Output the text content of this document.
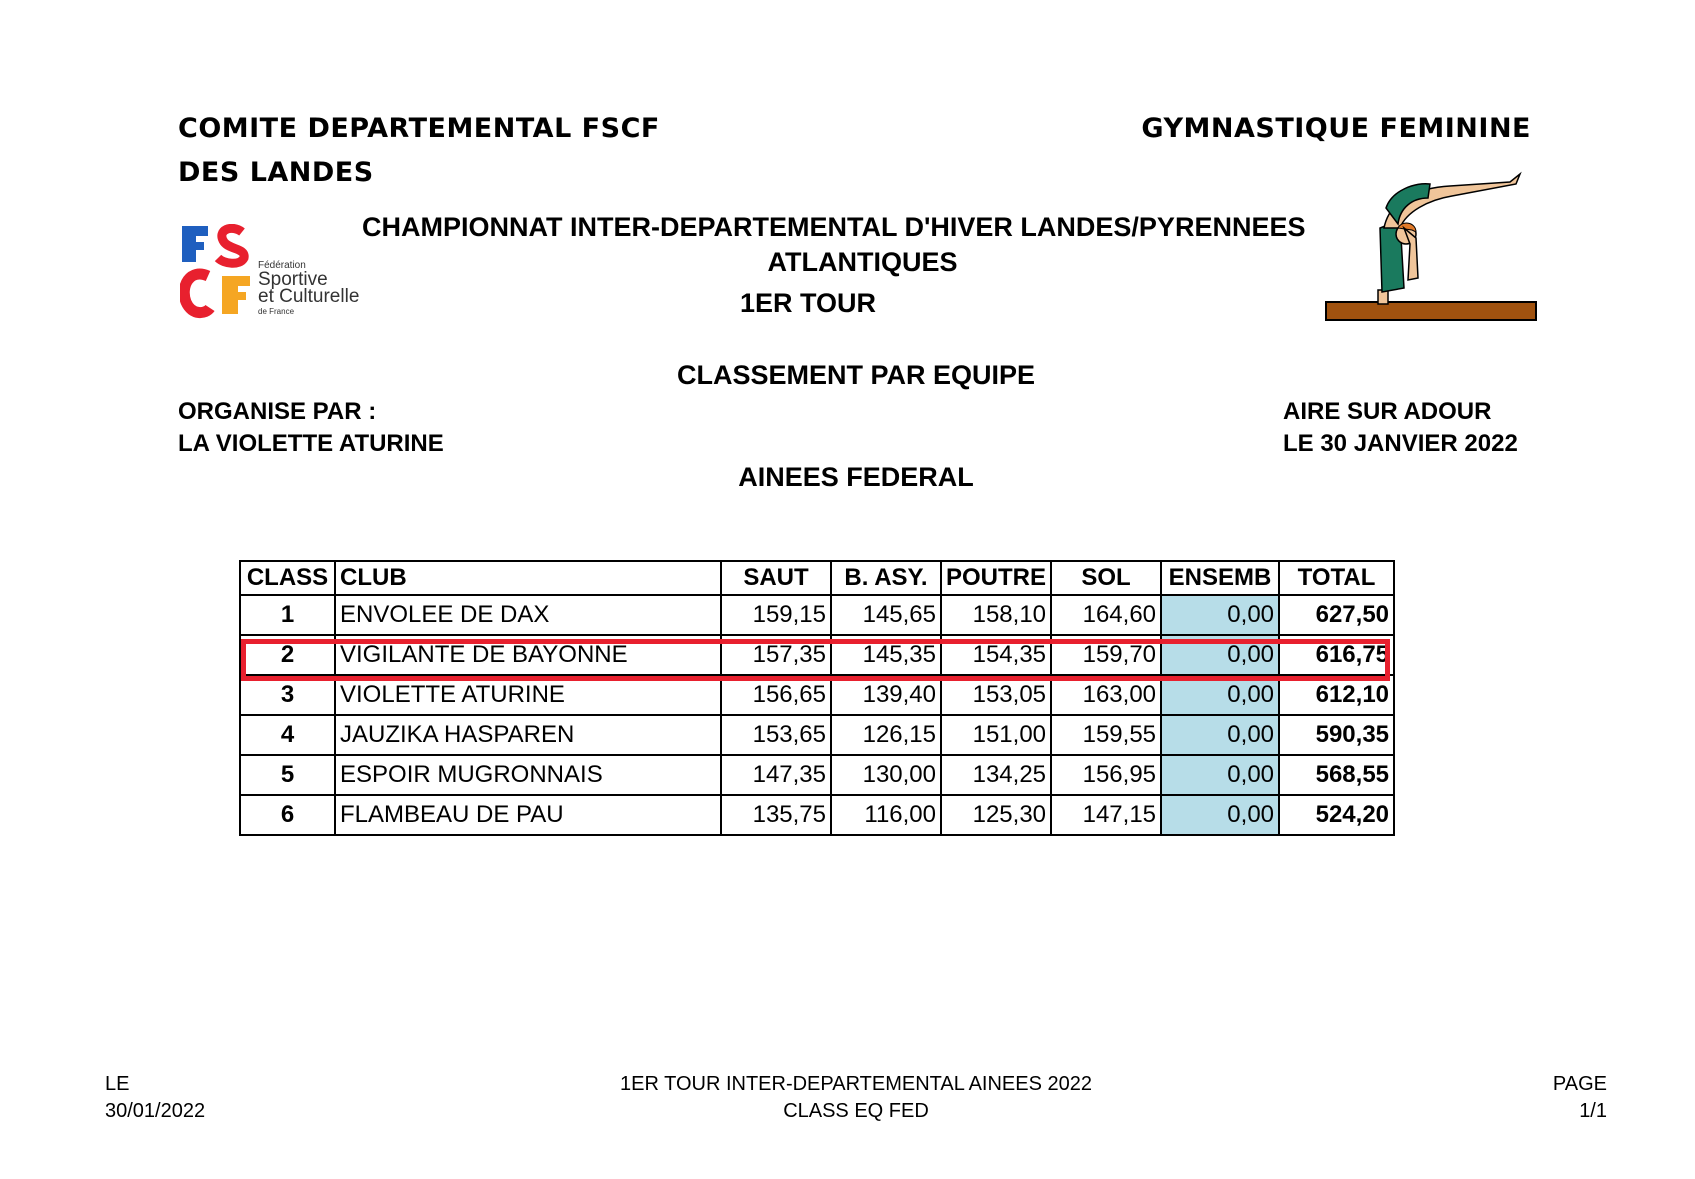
COMITE DEPARTEMENTAL FSCF
DES LANDES
GYMNASTIQUE FEMININE
Fédération
Sportive
et Culturelle
de France
CHAMPIONNAT INTER-DEPARTEMENTAL D'HIVER LANDES/PYRENNEES
ATLANTIQUES
1ER TOUR
CLASSEMENT PAR EQUIPE
ORGANISE PAR :
LA VIOLETTE ATURINE
AIRE SUR ADOUR
LE 30 JANVIER 2022
AINEES FEDERAL
CLASS	CLUB	SAUT	B. ASY.	POUTRE	SOL	ENSEMB	TOTAL
1	ENVOLEE DE DAX	159,15	145,65	158,10	164,60	0,00	627,50
2	VIGILANTE DE BAYONNE	157,35	145,35	154,35	159,70	0,00	616,75
3	VIOLETTE ATURINE	156,65	139,40	153,05	163,00	0,00	612,10
4	JAUZIKA HASPAREN	153,65	126,15	151,00	159,55	0,00	590,35
5	ESPOIR MUGRONNAIS	147,35	130,00	134,25	156,95	0,00	568,55
6	FLAMBEAU DE PAU	135,75	116,00	125,30	147,15	0,00	524,20
LE
30/01/2022
1ER TOUR INTER-DEPARTEMENTAL AINEES 2022
CLASS EQ FED
PAGE
1/1
